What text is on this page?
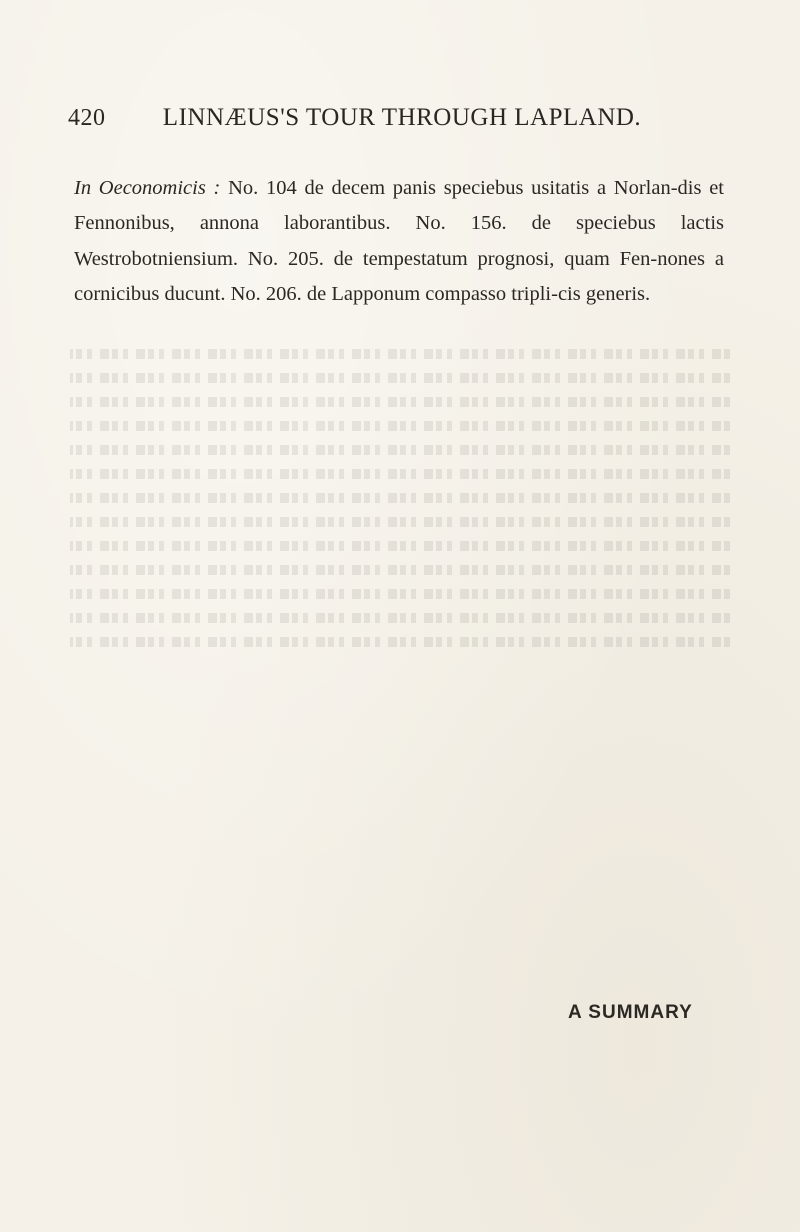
420	LINNÆUS'S TOUR THROUGH LAPLAND.

In Oeconomicis : No. 104 de decem panis speciebus usitatis a Norlan-dis et Fennonibus, annona laborantibus. No. 156. de speciebus lactis Westrobotniensium. No. 205. de tempestatum prognosi, quam Fen-nones a cornicibus ducunt. No. 206. de Lapponum compasso tripli-cis generis.

A SUMMARY
